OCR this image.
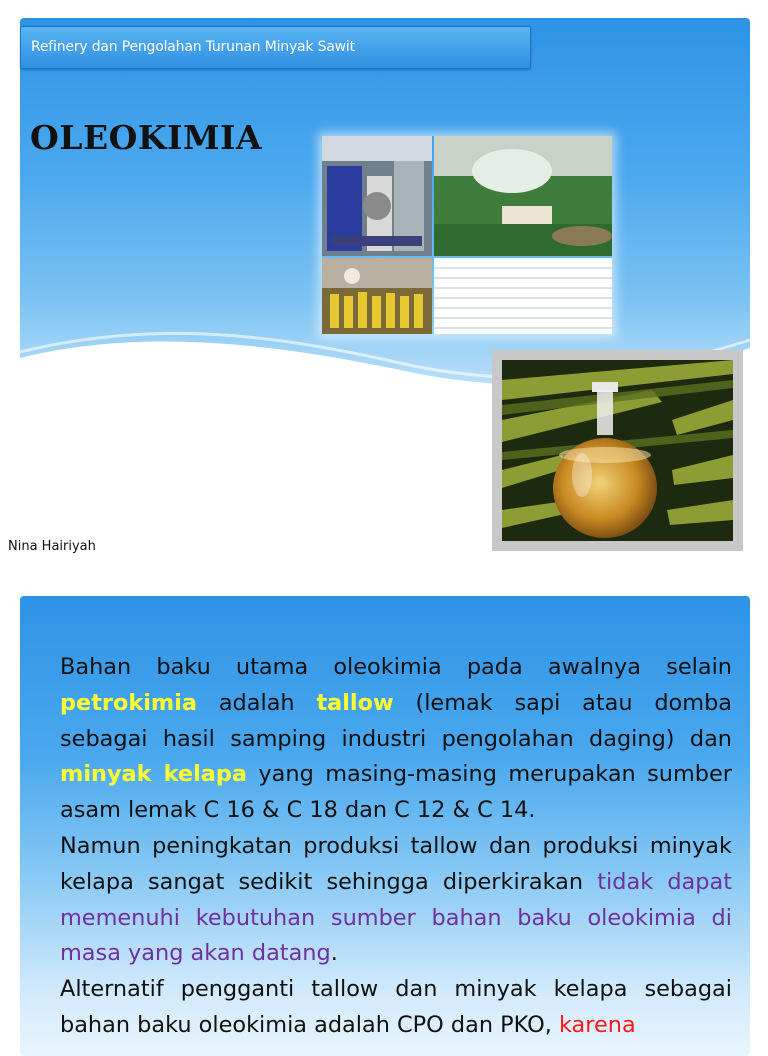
Refinery dan Pengolahan Turunan Minyak Sawit
OLEOKIMIA
Nina Hairiyah

Bahan baku utama oleokimia pada awalnya selain petrokimia adalah tallow (lemak sapi atau domba sebagai hasil samping industri pengolahan daging) dan minyak kelapa yang masing-masing merupakan sumber asam lemak C 16 & C 18 dan C 12 & C 14.

Namun peningkatan produksi tallow dan produksi minyak kelapa sangat sedikit sehingga diperkirakan tidak dapat memenuhi kebutuhan sumber bahan baku oleokimia di masa yang akan datang.

Alternatif pengganti tallow dan minyak kelapa sebagai bahan baku oleokimia adalah CPO dan PKO, karena
